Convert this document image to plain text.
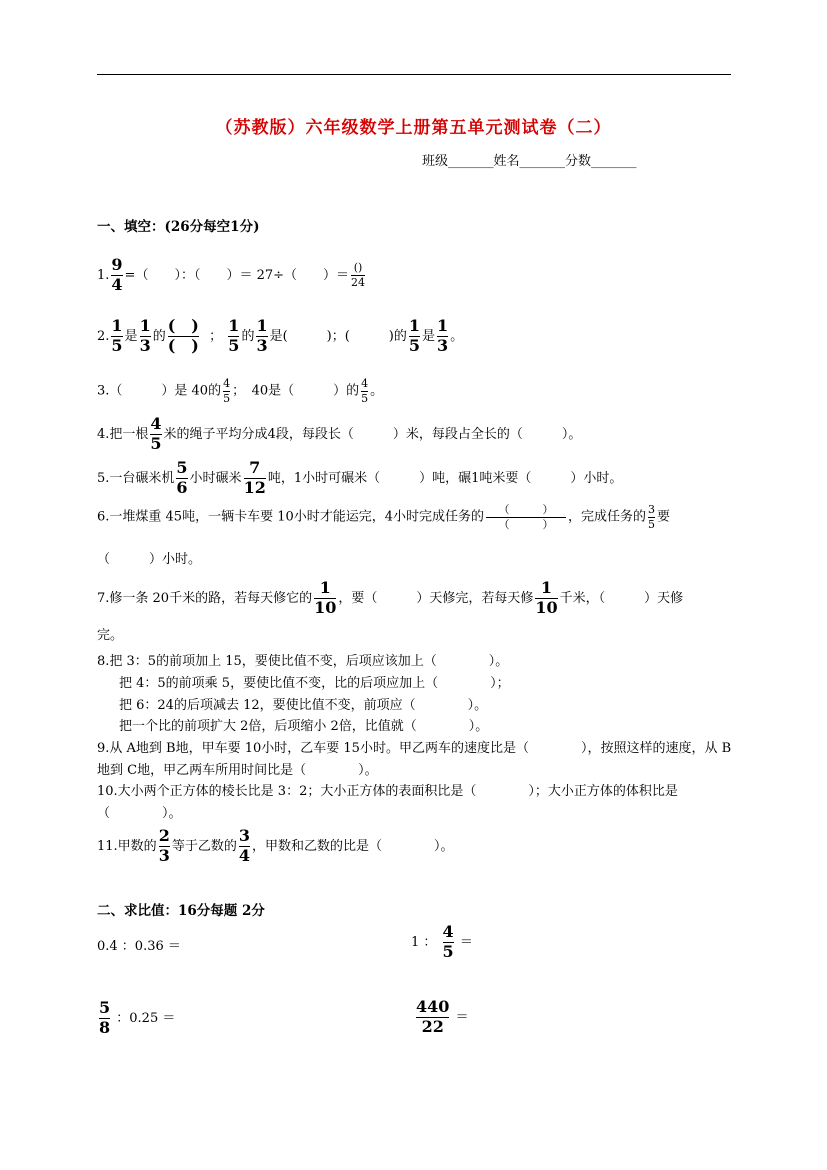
（苏教版）六年级数学上册第五单元测试卷（二）
班级_______姓名_______分数_______
一、填空：(26分每空1分)
1. $\frac{9}{4}$ =（　　）：（　　）＝ 27÷（　　）＝ $\frac{()}{24}$
2. $\frac{1}{5}$ 是 $\frac{1}{3}$ 的 $\frac{( )}{( )}$ ； $\frac{1}{5}$ 的 $\frac{1}{3}$ 是(　　　)；(　　　)的 $\frac{1}{5}$ 是 $\frac{1}{3}$ 。
3.（　　　）是 40的 $\frac{4}{5}$ ；　40是（　　　）的 $\frac{4}{5}$ 。
4.把一根 $\frac{4}{5}$ 米的绳子平均分成4段，每段长（　　　）米，每段占全长的（　　　）。
5.一台碾米机 $\frac{5}{6}$ 小时碾米 $\frac{7}{12}$ 吨，1小时可碾米（　　　）吨，碾1吨米要（　　　）小时。
6.一堆煤重 45吨，一辆卡车要 10小时才能运完，4小时完成任务的 $\frac{( )}{( )}$ ，完成任务的 $\frac{3}{5}$ 要
（　　　）小时。
7.修一条 20千米的路，若每天修它的 $\frac{1}{10}$ ，要（　　　）天修完，若每天修 $\frac{1}{10}$ 千米，（　　　）天修
完。
8.把 3：5的前项加上 15，要使比值不变，后项应该加上（　　　　）。
把 4：5的前项乘 5，要使比值不变，比的后项应加上（　　　　）；
把 6：24的后项减去 12，要使比值不变，前项应（　　　　）。
把一个比的前项扩大 2倍，后项缩小 2倍，比值就（　　　　）。
9.从 A地到 B地，甲车要 10小时，乙车要 15小时。甲乙两车的速度比是（　　　　），按照这样的速度，从 B地到 C地，甲乙两车所用时间比是（　　　　）。
10.大小两个正方体的棱长比是 3：2；大小正方体的表面积比是（　　　　）；大小正方体的体积比是（　　　　）。
11.甲数的 $\frac{2}{3}$ 等于乙数的 $\frac{3}{4}$ ，甲数和乙数的比是（　　　　）。
二、求比值：16分每题 2分
0.4 ：0.36 ＝	1 ： $\frac{4}{5}$ ＝
$\frac{5}{8}$ ：0.25 ＝	$\frac{440}{22}$ ＝
